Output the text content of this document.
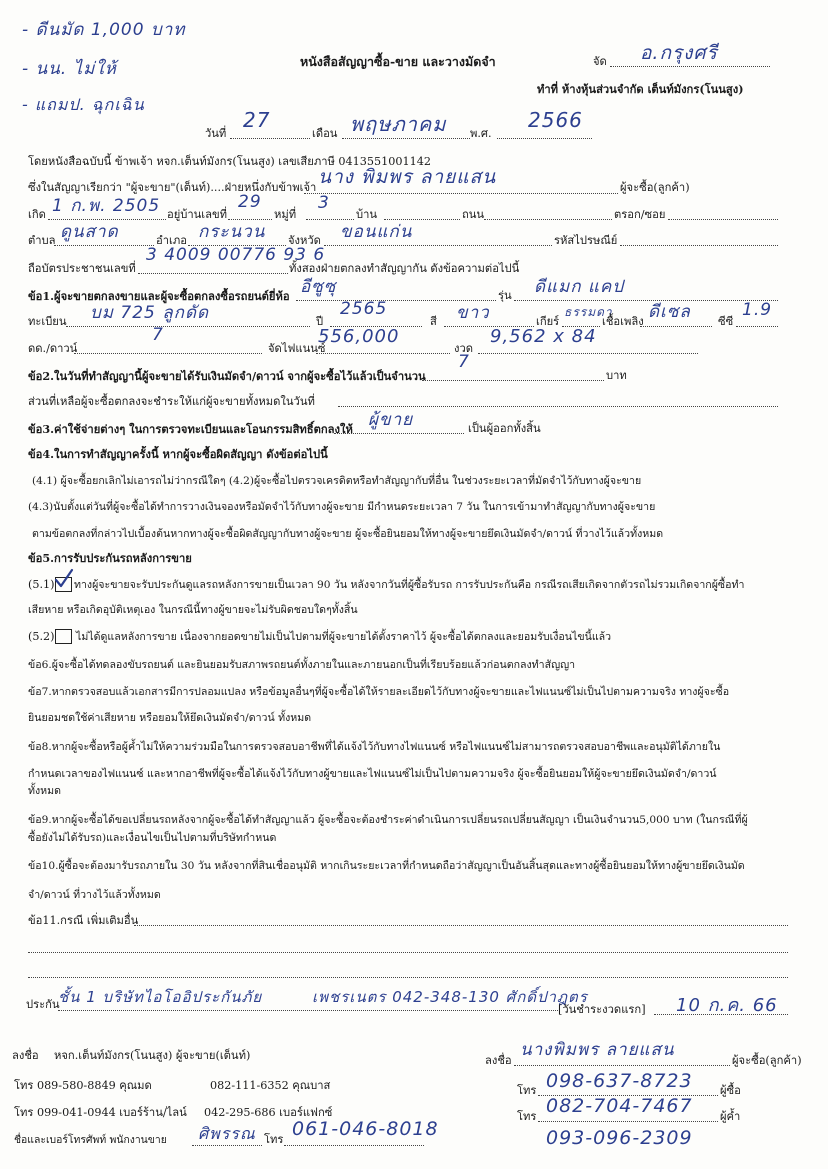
- ดีนมัด 1,000 บาท
- นน. ไม่ให้
- แถมป. ฉุกเฉิน
หนังสือสัญญาซื้อ-ขาย และวางมัดจำ	จัด อ.กรุงศรี
ทำที่ ห้างหุ้นส่วนจำกัด เต็นท์มังกร(โนนสูง)
วันที่
27
เดือน พฤษภาคม พ.ศ.
2566
โดยหนังสือฉบับนี้ ข้าพเจ้า หจก.เต็นท์มังกร(โนนสูง) เลขเสียภาษี 0413551001142
ซึ่งในสัญญาเรียกว่า "ผู้จะขาย"(เต็นท์)....ฝ่ายหนึ่งกับข้าพเจ้า นาง พิมพร ลายแสน	ผู้จะซื้อ(ลูกค้า)
เกิด 1 ก.พ. 2505 อยู่บ้านเลขที่
29
หมู่ที่
3
บ้าน	ถนน	ตรอก/ซอย
ตำบล ดูนสาด	อำเภอ กระนวน จังหวัด ขอนแก่น	รหัสไปรษณีย์
ถือบัตรประชาชนเลขที่
3 4009 00776 93 6
ทั้งสองฝ่ายตกลงทำสัญญากัน ดังข้อความต่อไปนี้
ข้อ1.ผู้จะขายตกลงขายและผู้จะซื้อตกลงซื้อรถยนต์ยี่ห้อ อีซูซุ	รุ่น ดีแมก แคป
ทะเบียน บม 725 ลูกดัด	ปี
2565
สี ขาว	เกียร์
ธรรมดา
เชื้อเพลิง ดีเซล ซีซี
1.9
ดด./ดาวน์
7
จัดไฟแนนซ์
556,000
งวด
9,562 x 84
ข้อ2.ในวันที่ทำสัญญานี้ผู้จะขายได้รับเงินมัดจำ/ดาวน์ จากผู้จะซื้อไว้แล้วเป็นจำนวน
7
บาท
ส่วนที่เหลือผู้จะซื้อตกลงจะชำระให้แก่ผู้จะขายทั้งหมดในวันที่
ข้อ3.ค่าใช้จ่ายต่างๆ ในการตรวจทะเบียนและโอนกรรมสิทธิ์ตกลงให้ ผู้ขาย	เป็นผู้ออกทั้งสิ้น
ข้อ4.ในการทำสัญญาครั้งนี้ หากผู้จะซื้อผิดสัญญา ดังข้อต่อไปนี้
(4.1) ผู้จะซื้อยกเลิกไม่เอารถไม่ว่ากรณีใดๆ (4.2)ผู้จะซื้อไปตรวจเครดิตหรือทำสัญญากับที่อื่น ในช่วงระยะเวลาที่มัดจำไว้กับทางผู้จะขาย
(4.3)นับตั้งแต่วันที่ผู้จะซื้อได้ทำการวางเงินจองหรือมัดจำไว้กับทางผู้จะขาย มีกำหนดระยะเวลา 7 วัน ในการเข้ามาทำสัญญากับทางผู้จะขาย
ตามข้อตกลงที่กล่าวไปเบื้องต้นหากทางผู้จะซื้อผิดสัญญากับทางผู้จะขาย ผู้จะซื้อยินยอมให้ทางผู้จะขายยึดเงินมัดจำ/ดาวน์ ที่วางไว้แล้วทั้งหมด
ข้อ5.การรับประกันรถหลังการขาย
(5.1) ทางผู้จะขายจะรับประกันดูแลรถหลังการขายเป็นเวลา 90 วัน หลังจากวันที่ผู้ซื้อรับรถ การรับประกันคือ กรณีรถเสียเกิดจากตัวรถไม่รวมเกิดจากผู้ซื้อทำ
เสียหาย หรือเกิดอุบัติเหตุเอง ในกรณีนี้ทางผู้ขายจะไม่รับผิดชอบใดๆทั้งสิ้น
(5.2) ไม่ได้ดูแลหลังการขาย เนื่องจากยอดขายไม่เป็นไปตามที่ผู้จะขายได้ตั้งราคาไว้ ผู้จะซื้อได้ตกลงและยอมรับเงื่อนไขนี้แล้ว
ข้อ6.ผู้จะซื้อได้ทดลองขับรถยนต์ และยินยอมรับสภาพรถยนต์ทั้งภายในและภายนอกเป็นที่เรียบร้อยแล้วก่อนตกลงทำสัญญา
ข้อ7.หากตรวจสอบแล้วเอกสารมีการปลอมแปลง หรือข้อมูลอื่นๆที่ผู้จะซื้อได้ให้รายละเอียดไว้กับทางผู้จะขายและไฟแนนซ์ไม่เป็นไปตามความจริง ทางผู้จะซื้อ
ยินยอมชดใช้ค่าเสียหาย หรือยอมให้ยึดเงินมัดจำ/ดาวน์ ทั้งหมด
ข้อ8.หากผู้จะซื้อหรือผู้ค้ำไม่ให้ความร่วมมือในการตรวจสอบอาชีพที่ได้แจ้งไว้กับทางไฟแนนซ์ หรือไฟแนนซ์ไม่สามารถตรวจสอบอาชีพและอนุมัติได้ภายใน
กำหนดเวลาของไฟแนนซ์ และหากอาชีพที่ผู้จะซื้อได้แจ้งไว้กับทางผู้ขายและไฟแนนซ์ไม่เป็นไปตามความจริง ผู้จะซื้อยินยอมให้ผู้จะขายยึดเงินมัดจำ/ดาวน์
ทั้งหมด
ข้อ9.หากผู้จะซื้อได้ขอเปลี่ยนรถหลังจากผู้จะซื้อได้ทำสัญญาแล้ว ผู้จะซื้อจะต้องชำระค่าดำเนินการเปลี่ยนรถเปลี่ยนสัญญา เป็นเงินจำนวน5,000 บาท (ในกรณีที่ผู้
ซื้อยังไม่ได้รับรถ)และเงื่อนไขเป็นไปตามที่บริษัทกำหนด
ข้อ10.ผู้ซื้อจะต้องมารับรถภายใน 30 วัน หลังจากที่สินเชื่ออนุมัติ หากเกินระยะเวลาที่กำหนดถือว่าสัญญาเป็นอันสิ้นสุดและทางผู้ซื้อยินยอมให้ทางผู้ขายยึดเงินมัด
จำ/ดาวน์ ที่วางไว้แล้วทั้งหมด
ข้อ11.กรณี เพิ่มเติมอื่น
ประกัน
ชั้น 1 บริษัทไอโออิประกันภัย	เพชรเนตร 042-348-130 ศักดิ์ปาฎตร
[วันชำระงวดแรก] 10 ก.ค. 66
ลงชื่อ หจก.เต็นท์มังกร(โนนสูง) ผู้จะขาย(เต็นท์)
โทร 089-580-8849 คุณมด	082-111-6352 คุณบาส
โทร 099-041-0944 เบอร์ร้าน/ไลน์ 042-295-686 เบอร์แฟกซ์
ชื่อและเบอร์โทรศัพท์ พนักงานขาย ศิพรรณ โทร 061-046-8018
ลงชื่อ
นางพิมพร ลายแสน
ผู้จะซื้อ(ลูกค้า)
โทร 098-637-8723 ผู้ซื้อ
โทร 082-704-7467 ผู้ค้ำ
093-096-2309
